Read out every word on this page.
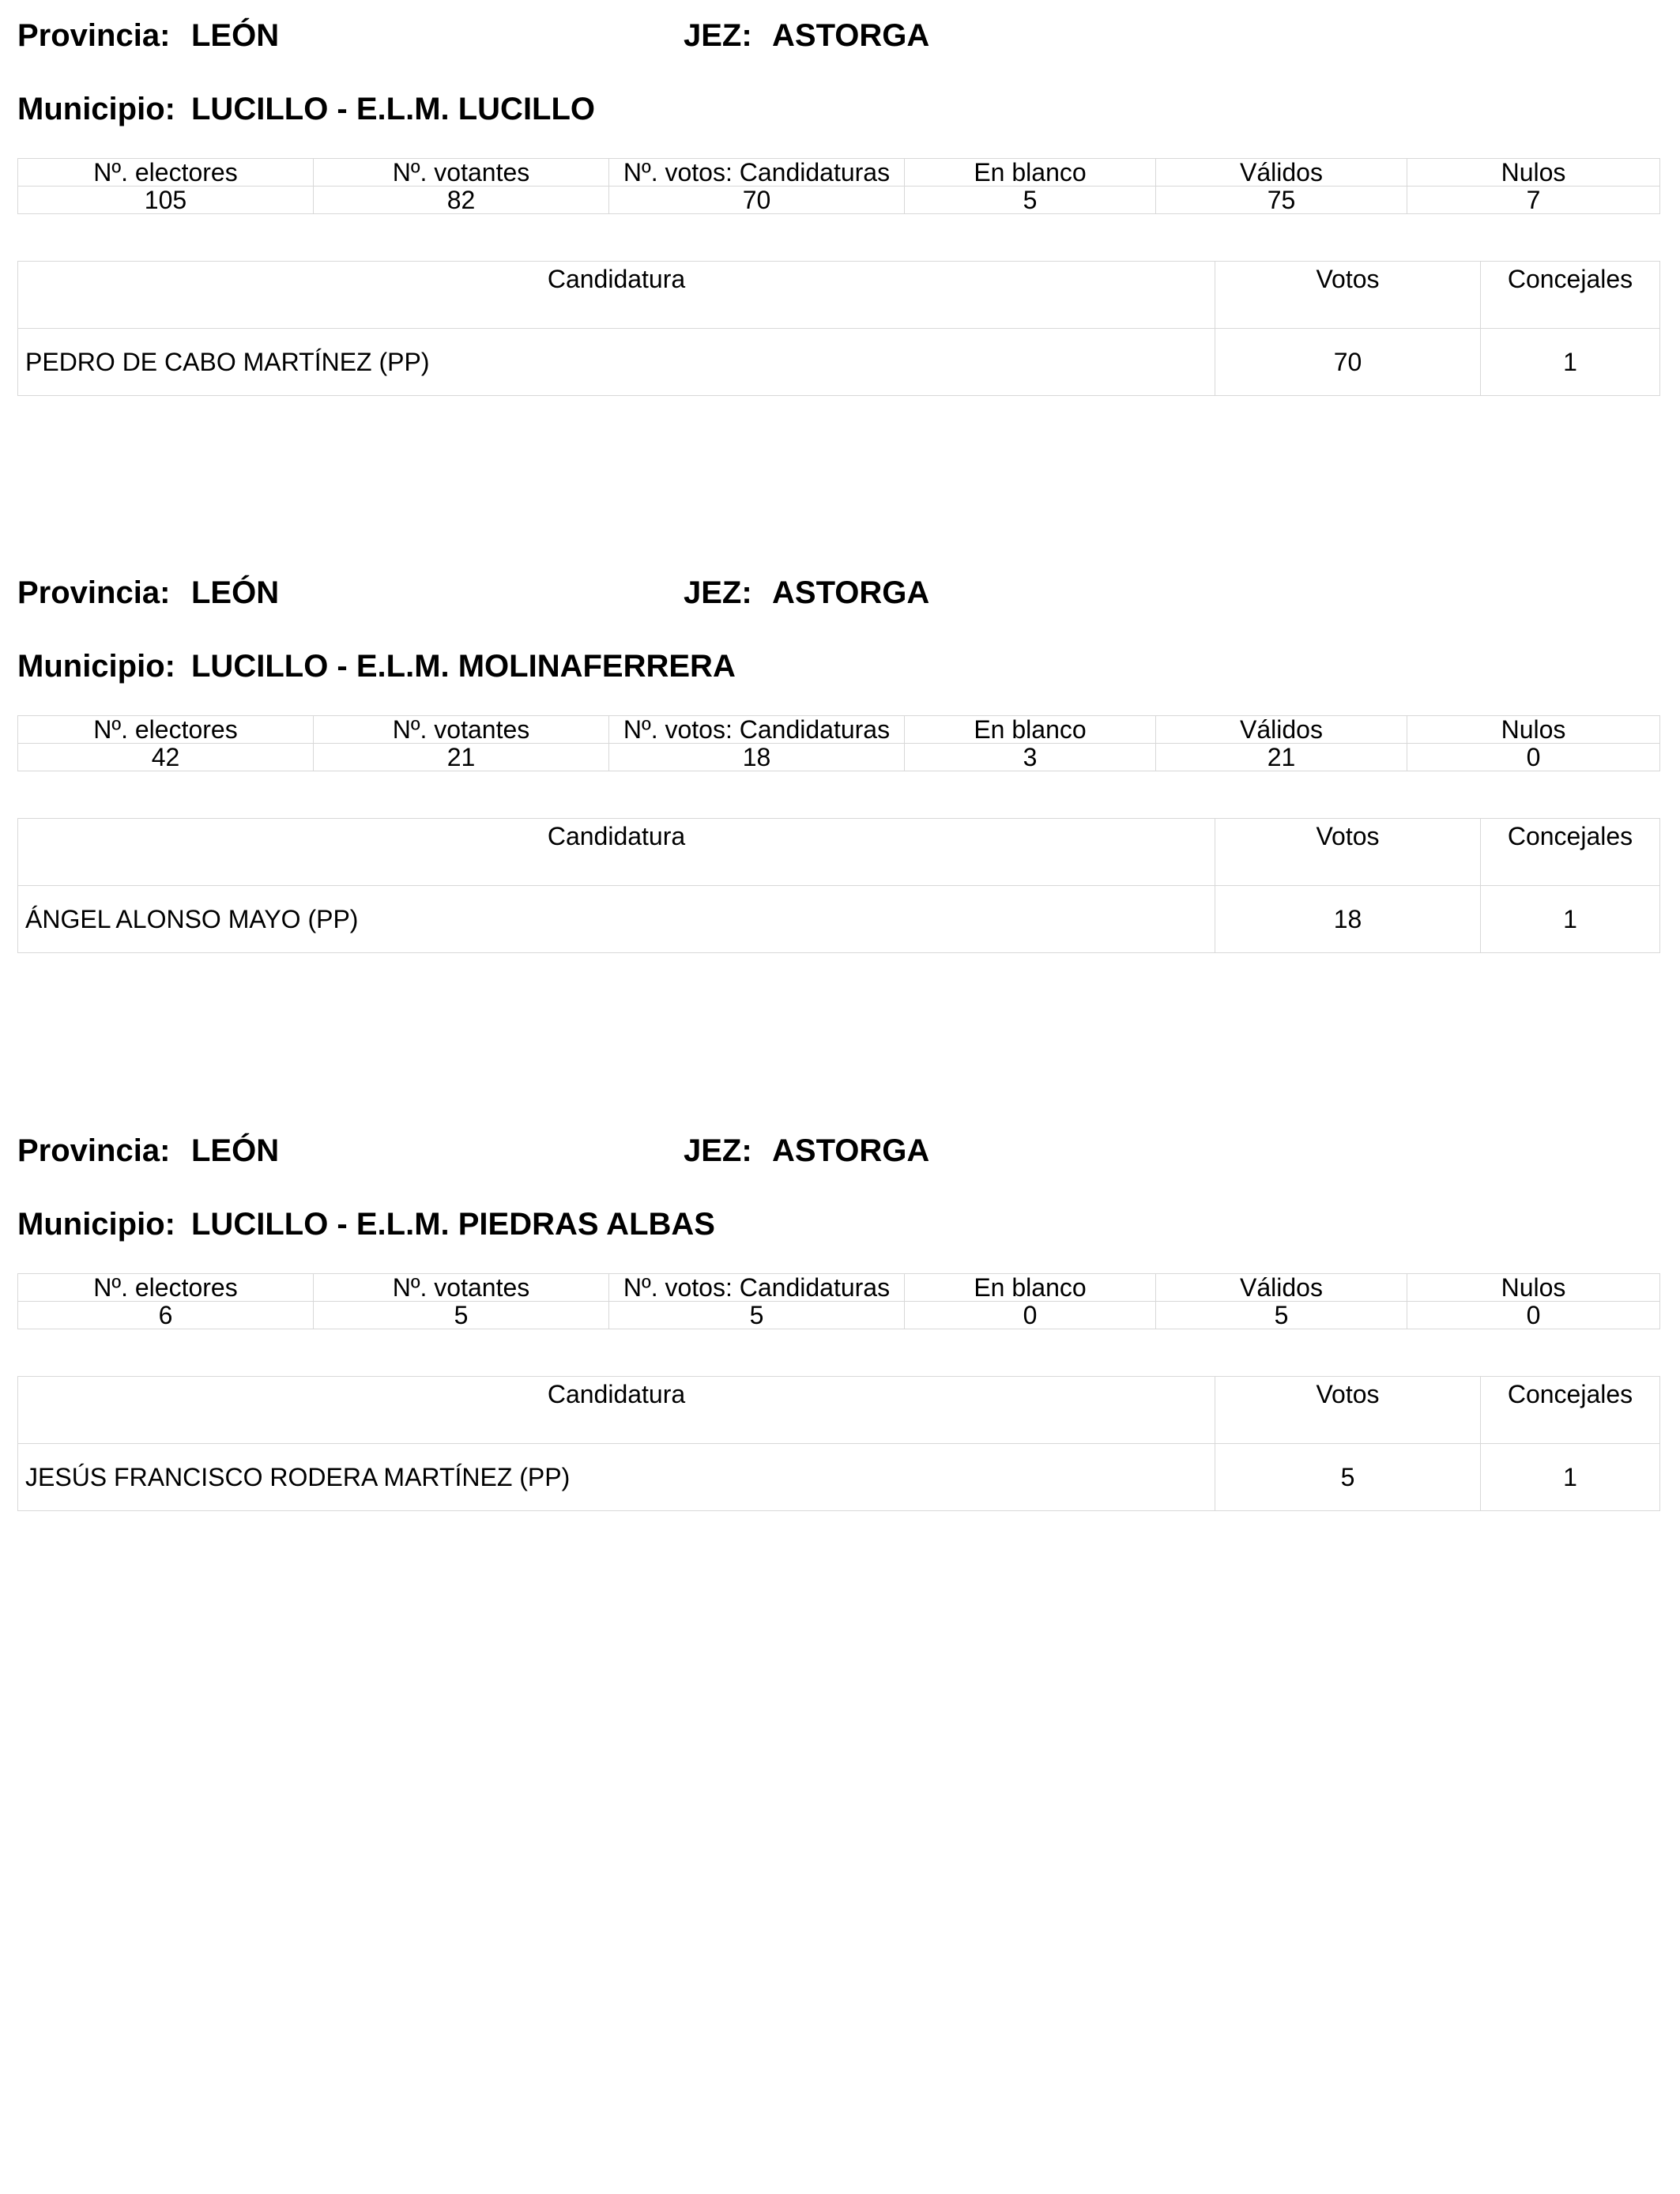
Provincia: LEÓN	JEZ: ASTORGA
Municipio: LUCILLO - E.L.M. LUCILLO
Nº. electores	Nº. votantes	Nº. votos: Candidaturas	En blanco	Válidos	Nulos
105	82	70	5	75	7
Candidatura	Votos	Concejales
PEDRO DE CABO MARTÍNEZ (PP)	70	1
Provincia: LEÓN	JEZ: ASTORGA
Municipio: LUCILLO - E.L.M. MOLINAFERRERA
Nº. electores	Nº. votantes	Nº. votos: Candidaturas	En blanco	Válidos	Nulos
42	21	18	3	21	0
Candidatura	Votos	Concejales
ÁNGEL ALONSO MAYO (PP)	18	1
Provincia: LEÓN	JEZ: ASTORGA
Municipio: LUCILLO - E.L.M. PIEDRAS ALBAS
Nº. electores	Nº. votantes	Nº. votos: Candidaturas	En blanco	Válidos	Nulos
6	5	5	0	5	0
Candidatura	Votos	Concejales
JESÚS FRANCISCO RODERA MARTÍNEZ (PP)	5	1
